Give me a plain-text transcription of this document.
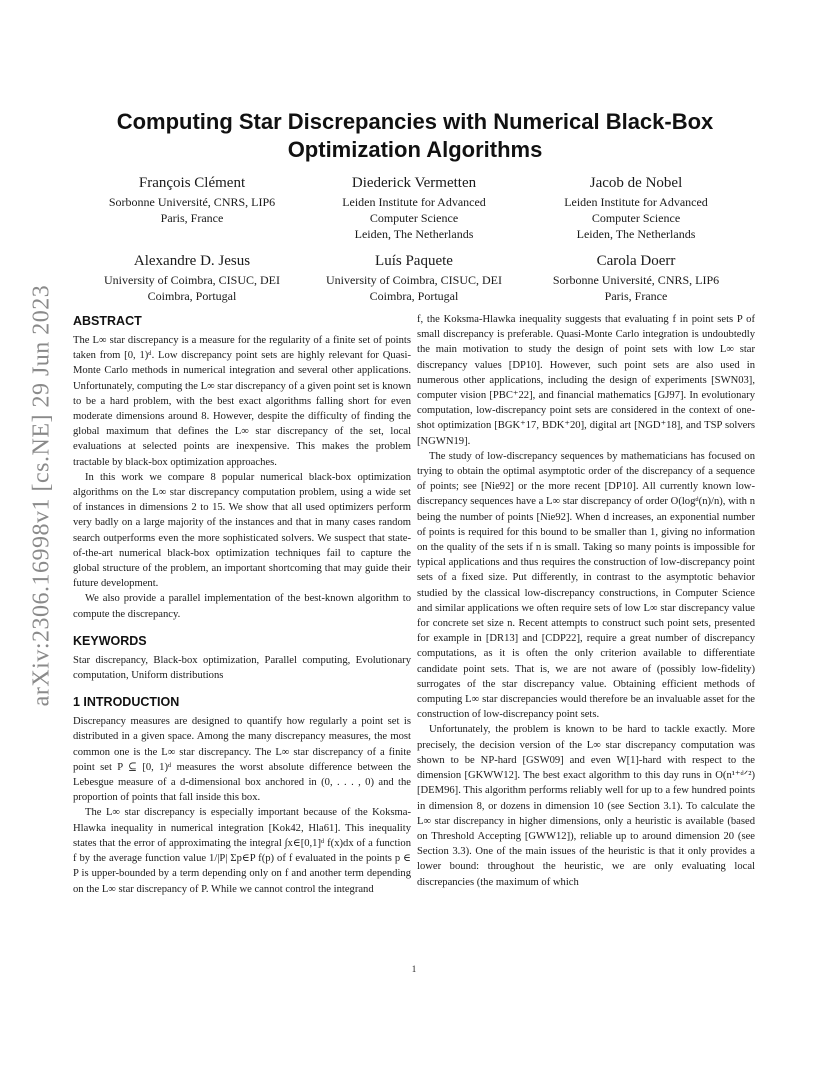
arXiv:2306.16998v1 [cs.NE] 29 Jun 2023
Computing Star Discrepancies with Numerical Black-Box Optimization Algorithms
François Clément
Sorbonne Université, CNRS, LIP6
Paris, France
Diederick Vermetten
Leiden Institute for Advanced
Computer Science
Leiden, The Netherlands
Jacob de Nobel
Leiden Institute for Advanced
Computer Science
Leiden, The Netherlands
Alexandre D. Jesus
University of Coimbra, CISUC, DEI
Coimbra, Portugal
Luís Paquete
University of Coimbra, CISUC, DEI
Coimbra, Portugal
Carola Doerr
Sorbonne Université, CNRS, LIP6
Paris, France
ABSTRACT

The L∞ star discrepancy is a measure for the regularity of a finite set of points taken from [0, 1)ᵈ. Low discrepancy point sets are highly relevant for Quasi-Monte Carlo methods in numerical integration and several other applications. Unfortunately, computing the L∞ star discrepancy of a given point set is known to be a hard problem, with the best exact algorithms falling short for even moderate dimensions around 8. However, despite the difficulty of finding the global maximum that defines the L∞ star discrepancy of the set, local evaluations at selected points are inexpensive. This makes the problem tractable by black-box optimization approaches.

In this work we compare 8 popular numerical black-box optimization algorithms on the L∞ star discrepancy computation problem, using a wide set of instances in dimensions 2 to 15. We show that all used optimizers perform very badly on a large majority of the instances and that in many cases random search outperforms even the more sophisticated solvers. We suspect that state-of-the-art numerical black-box optimization techniques fail to capture the global structure of the problem, an important shortcoming that may guide their future development.

We also provide a parallel implementation of the best-known algorithm to compute the discrepancy.

KEYWORDS

Star discrepancy, Black-box optimization, Parallel computing, Evolutionary computation, Uniform distributions

1 INTRODUCTION

Discrepancy measures are designed to quantify how regularly a point set is distributed in a given space. Among the many discrepancy measures, the most common one is the L∞ star discrepancy. The L∞ star discrepancy of a finite point set P ⊆ [0, 1)ᵈ measures the worst absolute difference between the Lebesgue measure of a d-dimensional box anchored in (0, . . . , 0) and the proportion of points that fall inside this box.

The L∞ star discrepancy is especially important because of the Koksma-Hlawka inequality in numerical integration [Kok42, Hla61]. This inequality states that the error of approximating the integral ∫x∈[0,1]ᵈ f(x)dx of a function f by the average function value 1/|P| Σp∈P f(p) of f evaluated in the points p ∈ P is upper-bounded by a term depending only on f and another term depending on the L∞ star discrepancy of P. While we cannot control the integrand

f, the Koksma-Hlawka inequality suggests that evaluating f in point sets P of small discrepancy is preferable. Quasi-Monte Carlo integration is undoubtedly the main motivation to study the design of point sets with low L∞ star discrepancy values [DP10]. However, such point sets are also used in numerous other applications, including the design of experiments [SWN03], computer vision [PBC⁺22], and financial mathematics [GJ97]. In evolutionary computation, low-discrepancy point sets are considered in the context of one-shot optimization [BGK⁺17, BDK⁺20], digital art [NGD⁺18], and TSP solvers [NGWN19].

The study of low-discrepancy sequences by mathematicians has focused on trying to obtain the optimal asymptotic order of the discrepancy of a sequence of points; see [Nie92] or the more recent [DP10]. All currently known low-discrepancy sequences have a L∞ star discrepancy of order O(logᵈ(n)/n), with n being the number of points [Nie92]. When d increases, an exponential number of points is required for this bound to be smaller than 1, giving no information on the quality of the sets if n is small. Taking so many points is impossible for typical applications and thus requires the construction of low-discrepancy point sets of a fixed size. Put differently, in contrast to the asymptotic behavior studied by the classical low-discrepancy constructions, in Computer Science and similar applications we often require sets of low L∞ star discrepancy value for concrete set size n. Recent attempts to construct such point sets, presented for example in [DR13] and [CDP22], require a great number of discrepancy computations, as it is often the only criterion available to differentiate candidate point sets. That is, we are not aware of (possibly low-fidelity) surrogates of the star discrepancy value. Obtaining efficient methods of computing L∞ star discrepancies would therefore be an invaluable asset for the construction of low-discrepancy point sets.

Unfortunately, the problem is known to be hard to tackle exactly. More precisely, the decision version of the L∞ star discrepancy computation was shown to be NP-hard [GSW09] and even W[1]-hard with respect to the dimension [GKWW12]. The best exact algorithm to this day runs in O(n¹⁺ᵈᐟ²) [DEM96]. This algorithm performs reliably well for up to a few hundred points in dimension 8, or dozens in dimension 10 (see Section 3.1). To calculate the L∞ star discrepancy in higher dimensions, only a heuristic is available (based on Threshold Accepting [GWW12]), reliable up to around dimension 20 (see Section 3.3). One of the main issues of the heuristic is that it only provides a lower bound: throughout the heuristic, we are only evaluating local discrepancies (the maximum of which

1
